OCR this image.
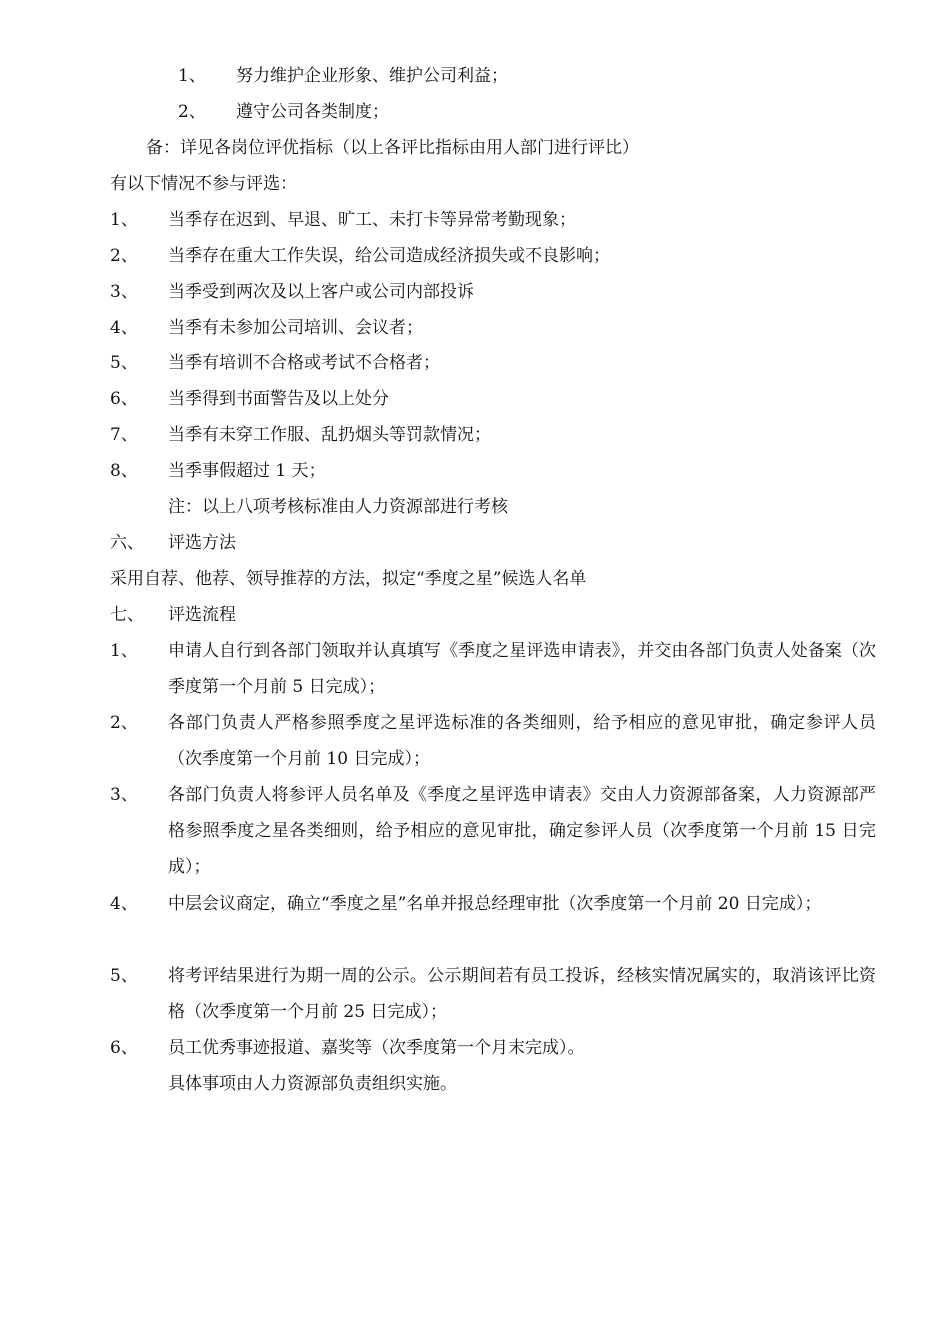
1、 努力维护企业形象、维护公司利益；
2、 遵守公司各类制度；
备：详见各岗位评优指标（以上各评比指标由用人部门进行评比）
有以下情况不参与评选：
1、 当季存在迟到、早退、旷工、未打卡等异常考勤现象；
2、 当季存在重大工作失误，给公司造成经济损失或不良影响；
3、 当季受到两次及以上客户或公司内部投诉
4、 当季有未参加公司培训、会议者；
5、 当季有培训不合格或考试不合格者；
6、 当季得到书面警告及以上处分
7、 当季有未穿工作服、乱扔烟头等罚款情况；
8、 当季事假超过 1 天；
注：以上八项考核标准由人力资源部进行考核
六、 评选方法
采用自荐、他荐、领导推荐的方法，拟定“季度之星”候选人名单
七、 评选流程
1、 申请人自行到各部门领取并认真填写《季度之星评选申请表》，并交由各部门负责人处备案（次季度第一个月前 5 日完成）；
2、 各部门负责人严格参照季度之星评选标准的各类细则，给予相应的意见审批，确定参评人员（次季度第一个月前 10 日完成）；
3、 各部门负责人将参评人员名单及《季度之星评选申请表》交由人力资源部备案，人力资源部严格参照季度之星各类细则，给予相应的意见审批，确定参评人员（次季度第一个月前 15 日完成）；
4、 中层会议商定，确立“季度之星”名单并报总经理审批（次季度第一个月前 20 日完成）；
5、 将考评结果进行为期一周的公示。公示期间若有员工投诉，经核实情况属实的，取消该评比资格（次季度第一个月前 25 日完成）；
6、 员工优秀事迹报道、嘉奖等（次季度第一个月末完成）。
具体事项由人力资源部负责组织实施。
